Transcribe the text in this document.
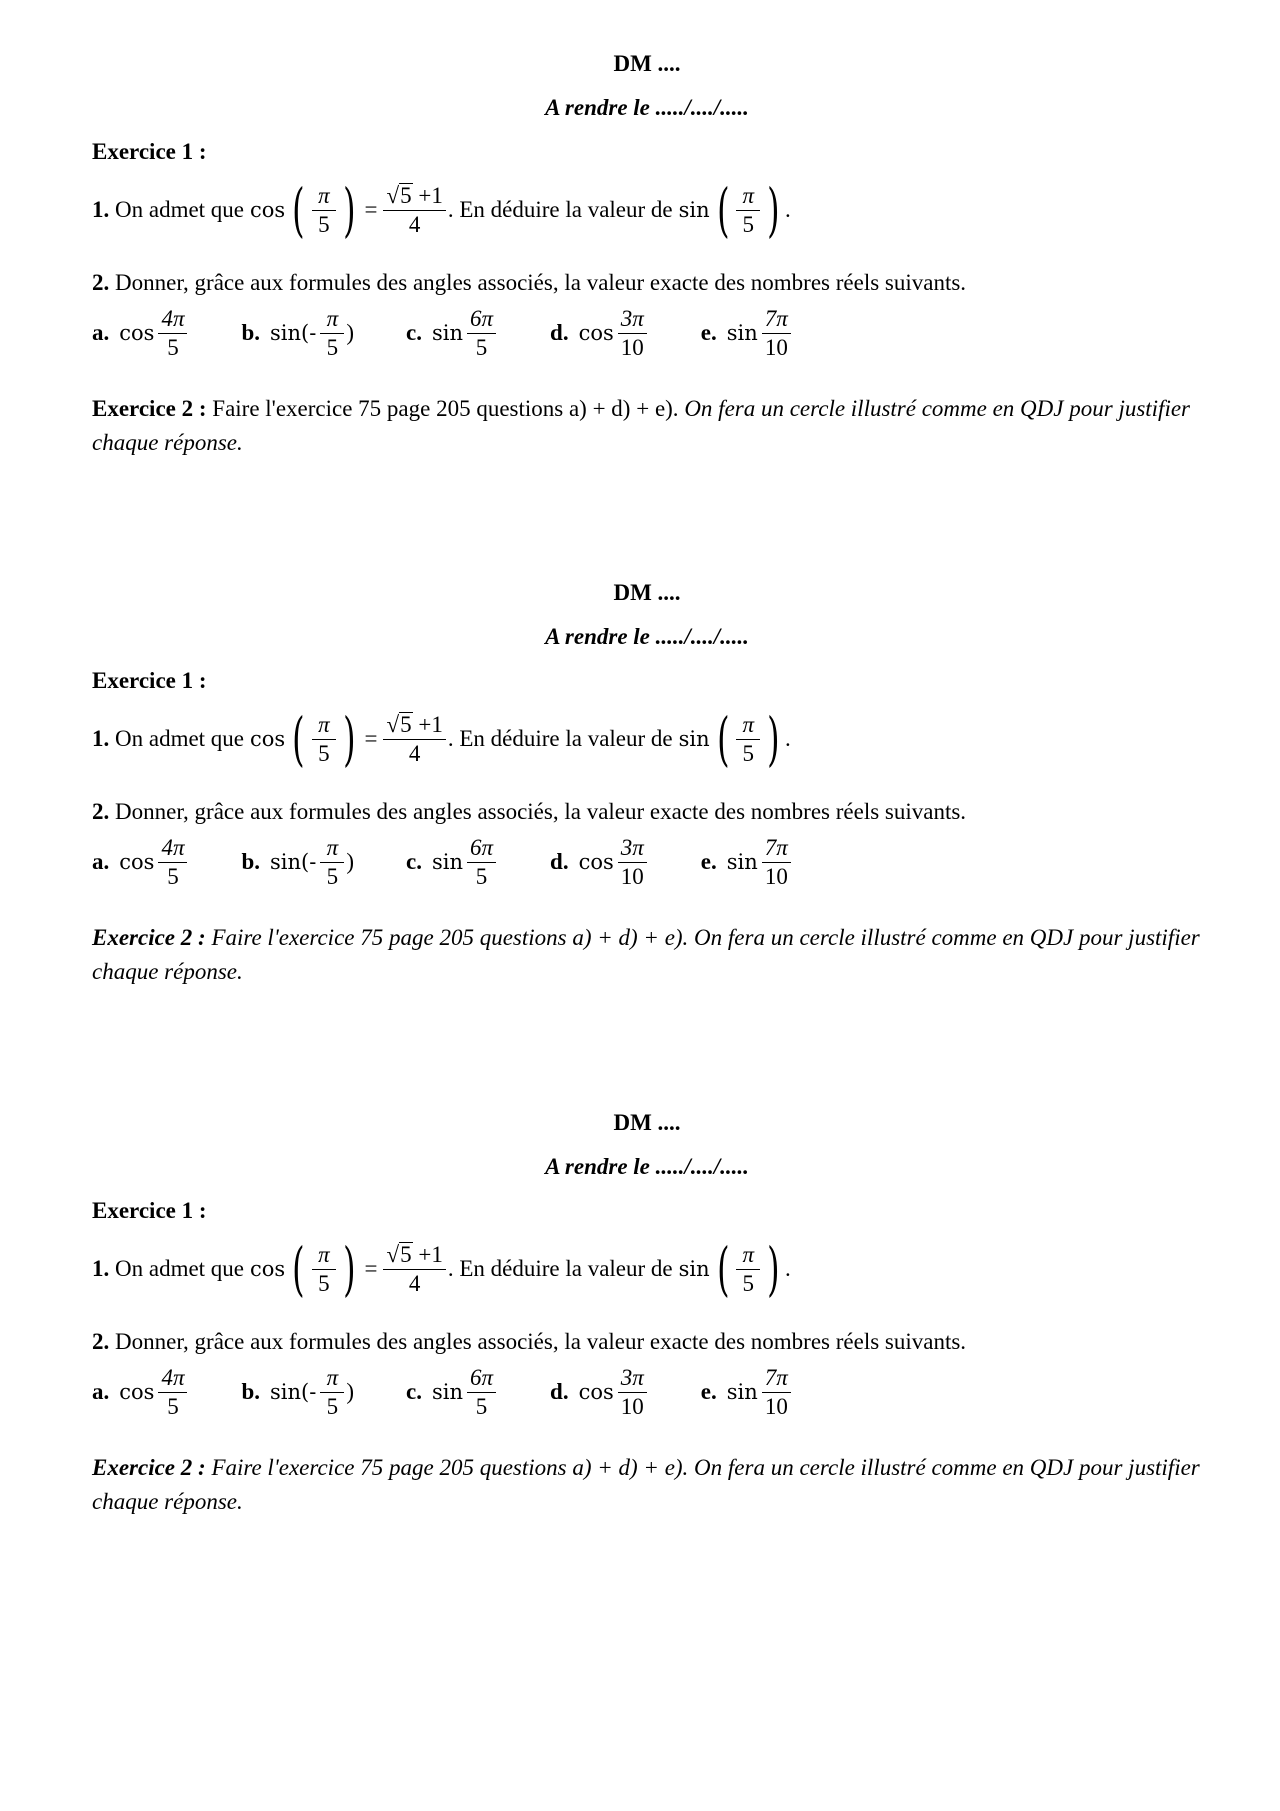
DM ....

A rendre le ...../..../.....

Exercice 1 :

1.
On admet que cos ( $\frac{\pi}{5}$ ) = $\frac{√ 5 +1}{4}$ . En déduire la valeur de sin ( $\frac{\pi}{5}$ ) .
2. Donner, grâce aux formules des angles associés, la valeur exacte des nombres réels suivants.
a. $\cos \frac{4\pi}{5} b$. $\sin(- \frac{\pi}{5}$ ) c. $\sin \frac{6\pi}{5} d$. $\cos \frac{3\pi}{10} e$. $\sin \frac{7\pi}{10}$
Exercice 2 : Faire l'exercice 75 page 205 questions a) + d) + e). On fera un cercle illustré comme en QDJ pour justifier chaque réponse.

DM ....

A rendre le ...../..../.....

Exercice 1 :

1.
On admet que cos ( $\frac{\pi}{5}$ ) = $\frac{√ 5 +1}{4}$ . En déduire la valeur de sin ( $\frac{\pi}{5}$ ) .
2. Donner, grâce aux formules des angles associés, la valeur exacte des nombres réels suivants.
a. $\cos \frac{4\pi}{5} b$. $\sin(- \frac{\pi}{5}$ ) c. $\sin \frac{6\pi}{5} d$. $\cos \frac{3\pi}{10} e$. $\sin \frac{7\pi}{10}$
Exercice 2 : Faire l'exercice 75 page 205 questions a) + d) + e). On fera un cercle illustré comme en QDJ pour justifier chaque réponse.

DM ....

A rendre le ...../..../.....

Exercice 1 :

1.
On admet que cos ( $\frac{\pi}{5}$ ) = $\frac{√ 5 +1}{4}$ . En déduire la valeur de sin ( $\frac{\pi}{5}$ ) .
2. Donner, grâce aux formules des angles associés, la valeur exacte des nombres réels suivants.
a. $\cos \frac{4\pi}{5} b$. $\sin(- \frac{\pi}{5}$ ) c. $\sin \frac{6\pi}{5} d$. $\cos \frac{3\pi}{10} e$. $\sin \frac{7\pi}{10}$
Exercice 2 : Faire l'exercice 75 page 205 questions a) + d) + e). On fera un cercle illustré comme en QDJ pour justifier chaque réponse.
